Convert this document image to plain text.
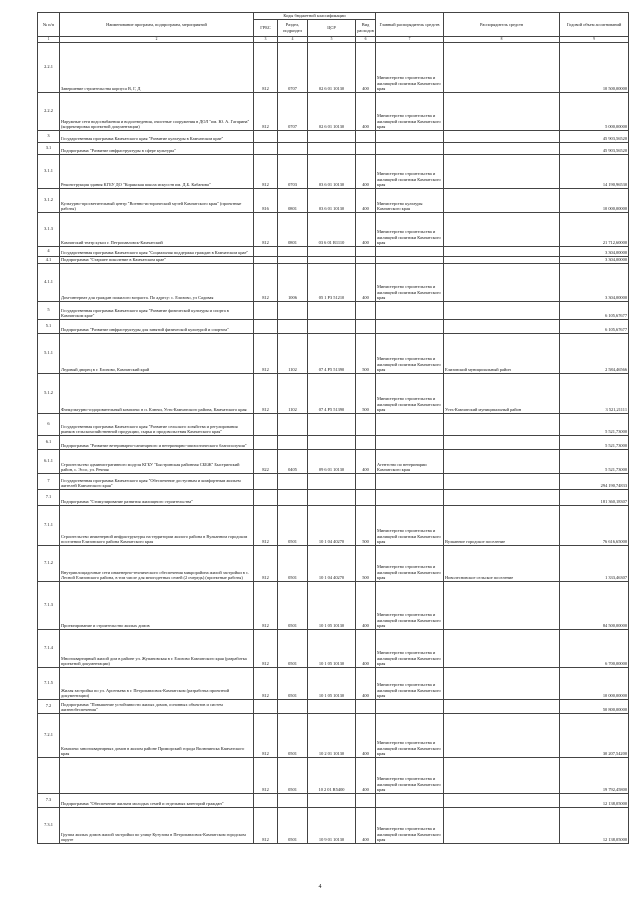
№ п/п	Наименование программ, подпрограмм, мероприятий	Коды бюджетной классификации				Главный распорядитель средств	Распорядитель средств	Годовой объем ассигнований
		ГРБС	Раздел, подраздел	ЦСР	Вид расходов			
1	2	3	4	5	6	7	8	9
2.2.1	Завершение строительства корпуса В, Г, Д	812	0707	02 6 01 10130	400	Министерство строительства и жилищной политики Камчатского края		10 500,00000
2.2.2	Наружные сети водоснабжения и водоотведения, очистные сооружения в ДОЛ "им. Ю. А. Гагарина" (корректировка проектной документации)	812	0707	02 6 01 10130	400	Министерство строительства и жилищной политики Камчатского края		5 000,00000
3	Государственная программа Камчатского края "Развитие культуры в Камчатском крае"							45 903,56520
3.1	Подпрограмма "Развитие инфраструктуры в сфере культуры"							45 903,56520
3.1.1	Реконструкция здания КГБУ ДО "Корякская школа искусств им. Д.Б. Кабанова"	812	0703	03 6 01 10130	400	Министерство строительства и жилищной политики Камчатского края		14 190,96530
3.1.2	Культурно-просветительный центр "Военно-исторический музей Камчатского края" (проектные работы)	816	0801	03 6 01 10130	400	Министерство культуры Камчатского края		10 000,00000
3.1.3	Камчатский театр кукол г. Петропавловск-Камчатский	812	0801	03 6 01 R1110	400	Министерство строительства и жилищной политики Камчатского края		21 712,60000
4	Государственная программа Камчатского края "Социальная поддержка граждан в Камчатском крае"							3 304,00000
4.1	Подпрограмма "Старшее поколение в Камчатском крае"							3 304,00000
4.1.1	Дом-интернат для граждан пожилого возраста. По адресу: с. Елизово, ул Садовая	812	1006	05 1 P3 51210	400	Министерство строительства и жилищной политики Камчатского края		3 304,00000
5	Государственная программа Камчатского края "Развитие физической культуры и спорта в Камчатском крае"							6 105,67677
5.1	Подпрограмма "Развитие инфраструктуры для занятий физической культурой и спортом"							6 105,67677
5.1.1	Ледовый дворец в г. Елизово, Камчатский край	812	1102	07 4 P5 51390	500	Министерство строительства и жилищной политики Камчатского края	Елизовский муниципальный район	2 584,46566
5.1.2	Физкультурно-оздоровительный комплекс в п. Ключи, Усть-Камчатского района, Камчатского края	812	1102	07 4 P5 51390	500	Министерство строительства и жилищной политики Камчатского края	Усть-Камчатский муниципальный район	3 521,21111
6	Государственная программа Камчатского края "Развитие сельского хозяйства и регулирования рынков сельскохозяйственной продукции, сырья и продовольствия Камчатского края"							5 521,73000
6.1	Подпрограмма "Развитие ветеринарно-санитарного и ветеринарно-эпизоотического благополучия"							5 521,73000
6.1.1	Строительство административного модуля КГБУ "Быстринская районная СББЖ" Быстринский район, с. Эссо, ул. Речная	822	0405	09 6 01 10130	400	Агентство по ветеринарии Камчатского края		5 521,73000
7	Государственная программа Камчатского края "Обеспечение доступным и комфортным жильем жителей Камчатского края"							294 190,74833
7.1	Подпрограмма "Стимулирование развития жилищного строительства"							181 360,18307
7.1.1	Строительство инженерной инфраструктуры на территории жилого района в Вулканном городском поселении Елизовского района Камчатского края	812	0501	10 1 04 40270	500	Министерство строительства и жилищной политики Камчатского края	Вулканное городское поселение	76 616,65000
7.1.2	Внутриплощадочные сети инженерно-технического обеспечения микрорайона жилой застройки в с. Лесной Елизовского района, в том числе для многодетных семей (2 очередь) (проектные работы)	812	0501	10 1 04 40270	500	Министерство строительства и жилищной политики Камчатского края	Новолесновское сельское поселение	1 333,46307
7.1.3	Проектирование и строительство жилых домов	812	0501	10 1 05 10130	400	Министерство строительства и жилищной политики Камчатского края		84 500,00000
7.1.4	Многоквартирный жилой дом в районе ул. Жупановская в г. Елизово Камчатского края (разработка проектной документации)	812	0501	10 1 05 10130	400	Министерство строительства и жилищной политики Камчатского края		6 700,00000
7.1.5	Жилая застройка по ул. Арсеньева в г. Петропавловск-Камчатском (разработка проектной документации)	812	0501	10 1 05 10130	400	Министерство строительства и жилищной политики Камчатского края		10 000,00000
7.2	Подпрограмма "Повышение устойчивости жилых домов, основных объектов и систем жизнеобеспечения"							50 800,00000
7.2.1	Комплекс многоквартирных домов в жилом районе Приморский города Вилючинска Камчатского края	812	0501	10 2 01 10130	400	Министерство строительства и жилищной политики Камчатского края		30 207,54200
		812	0501	10 2 01 R5400	400	Министерство строительства и жилищной политики Камчатского края		19 792,45800
7.3	Подпрограмма "Обеспечение жильем молодых семей и отдельных категорий граждан"							12 138,05000
7.3.1	Группа жилых домов жилой застройки по улице Кутузова в Петропавловск-Камчатском городском округе	812	0501	10 9 01 10130	400	Министерство строительства и жилищной политики Камчатского края		12 138,05000
4
